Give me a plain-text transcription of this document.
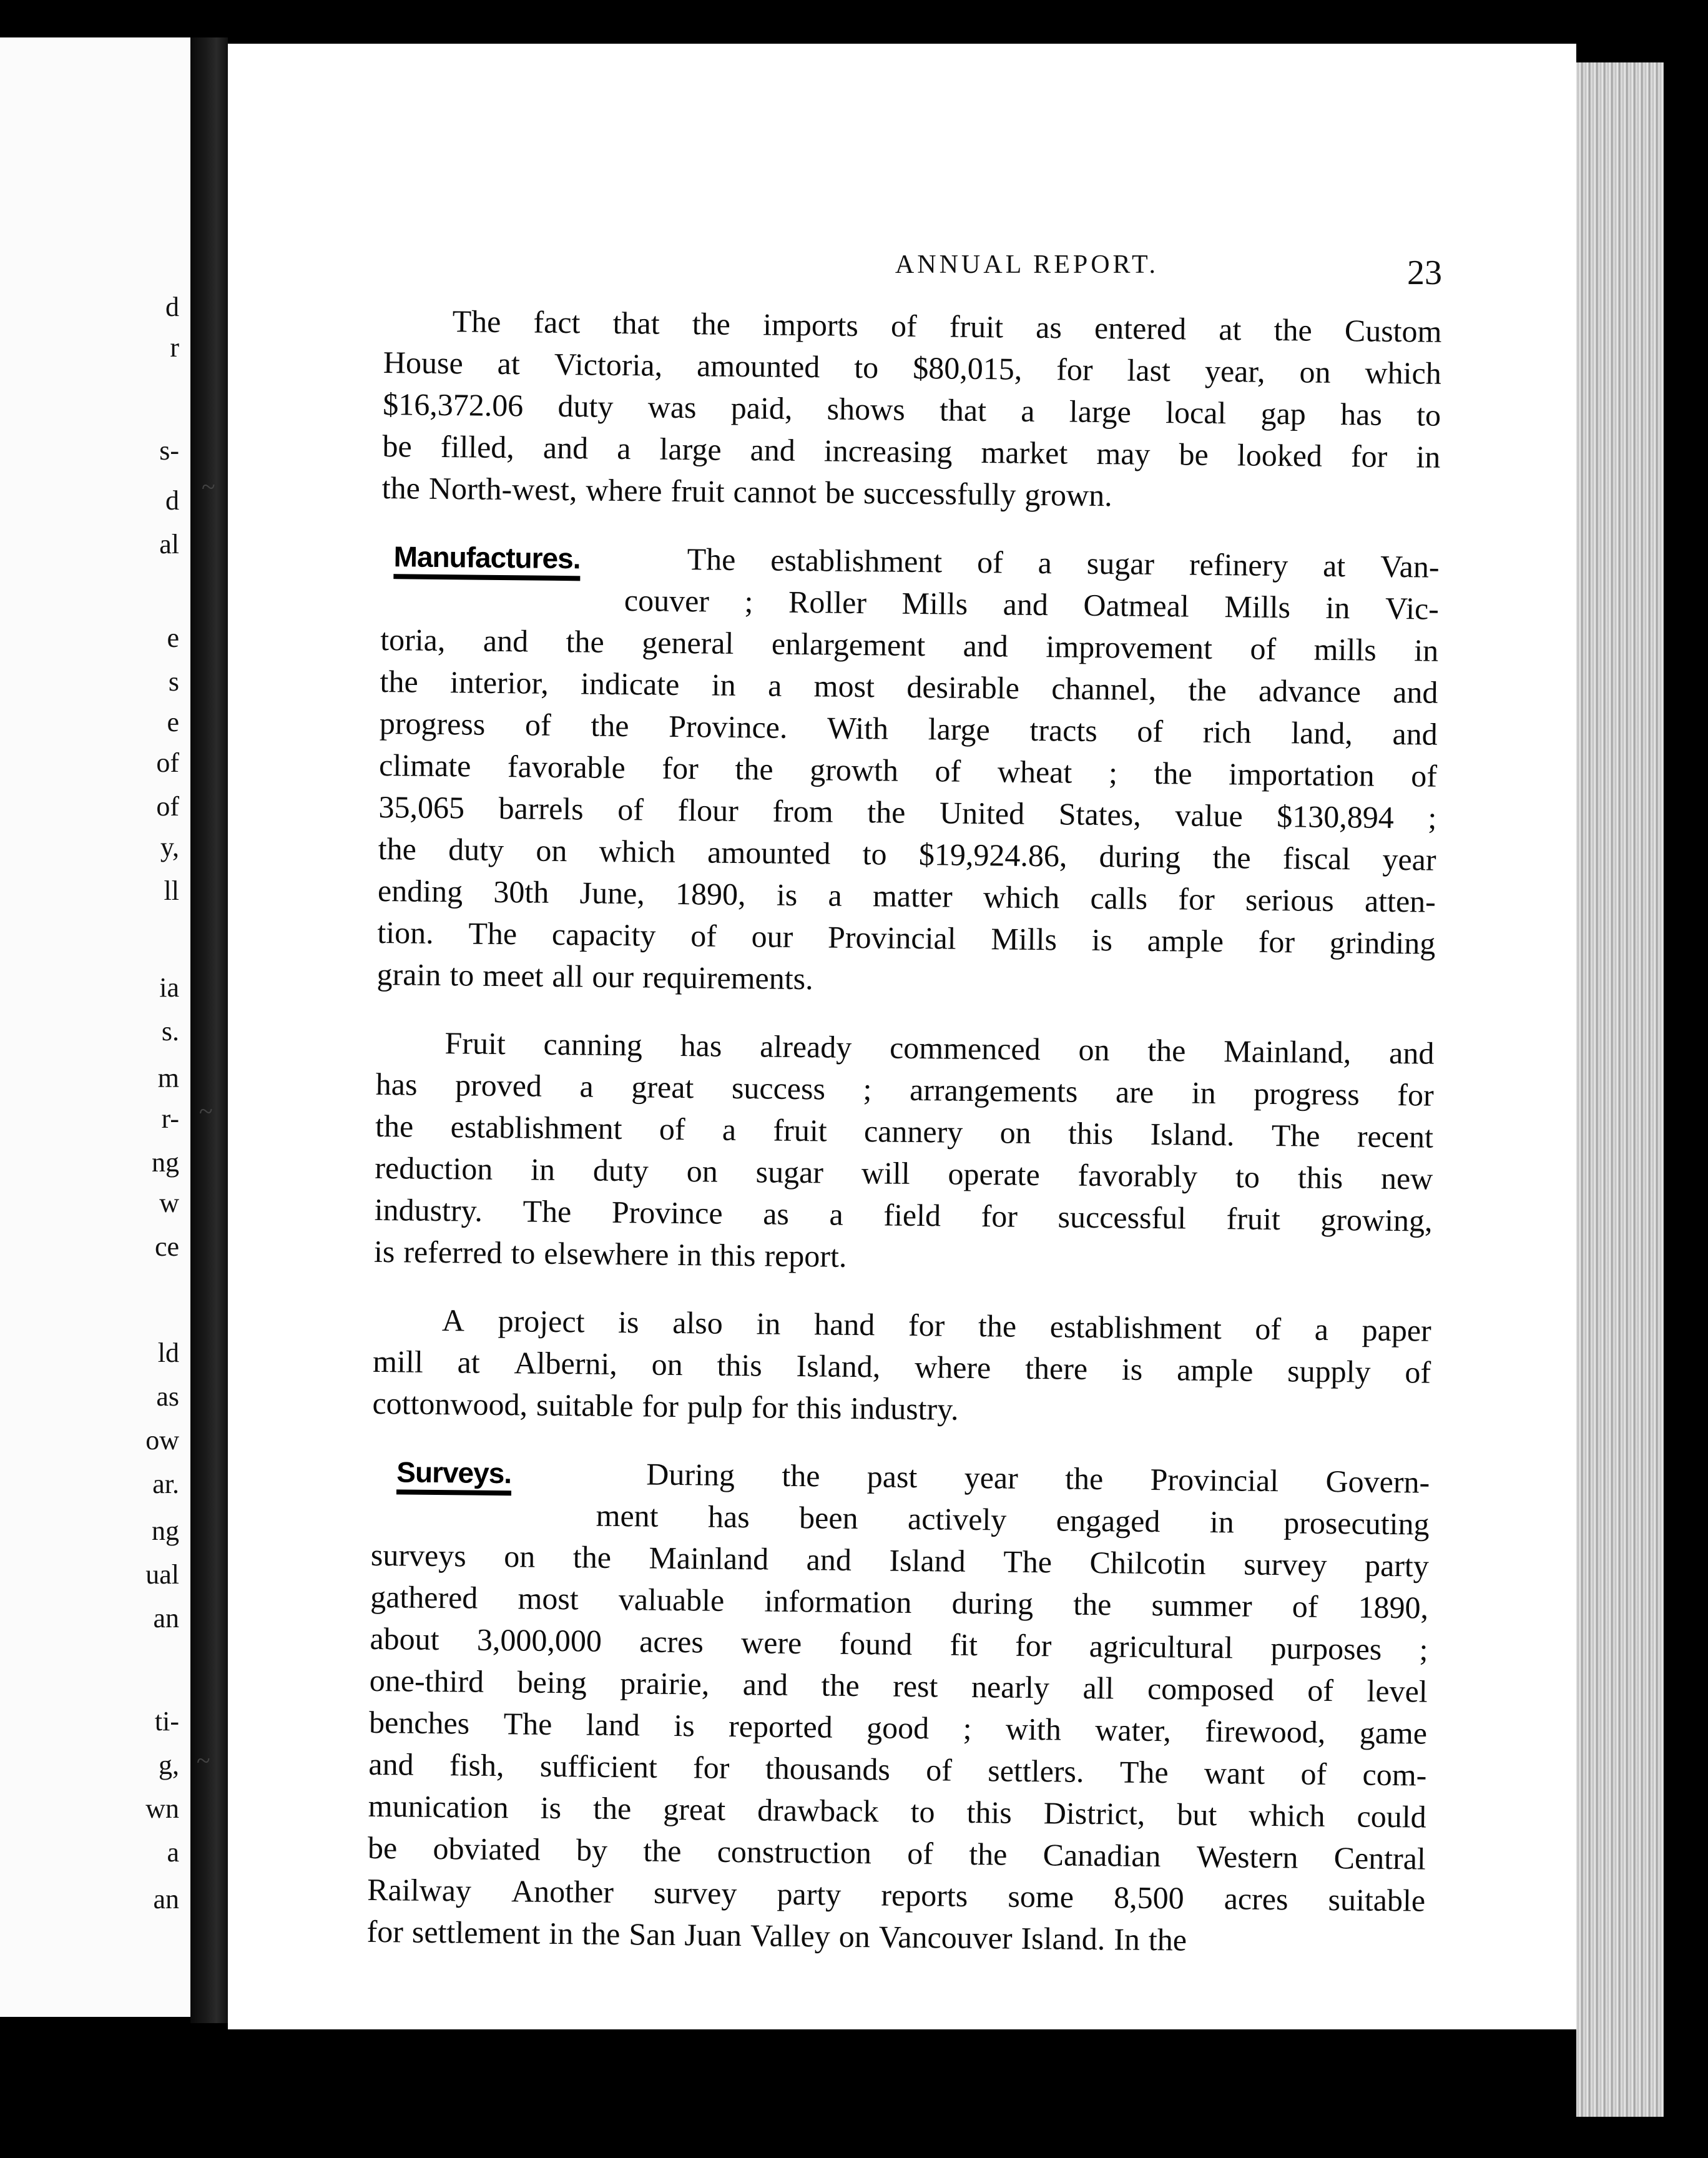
d
r
s-
d
al
e
s
e
of
of
y,
ll
ia
s.
m
r-
ng
w
ce
ld
as
ow
ar.
ng
ual
an
ti-
g,
wn
a
an
~
~
~
ANNUAL REPORT.	23
The fact that the imports of fruit as entered at the Custom
House at Victoria, amounted to $80,015, for last year, on which
$16,372.06 duty was paid, shows that a large local gap has to
be filled, and a large and increasing market may be looked for in
the North-west, where fruit cannot be successfully grown.
Manufactures.	The establishment of a sugar refinery at Van-
couver ; Roller Mills and Oatmeal Mills in Vic-
toria, and the general enlargement and improvement of mills in
the interior, indicate in a most desirable channel, the advance and
progress of the Province. With large tracts of rich land, and
climate favorable for the growth of wheat ; the importation of
35,065 barrels of flour from the United States, value $130,894 ;
the duty on which amounted to $19,924.86, during the fiscal year
ending 30th June, 1890, is a matter which calls for serious atten-
tion. The capacity of our Provincial Mills is ample for grinding
grain to meet all our requirements.
Fruit canning has already commenced on the Mainland, and
has proved a great success ; arrangements are in progress for
the establishment of a fruit cannery on this Island. The recent
reduction in duty on sugar will operate favorably to this new
industry. The Province as a field for successful fruit growing,
is referred to elsewhere in this report.
A project is also in hand for the establishment of a paper
mill at Alberni, on this Island, where there is ample supply of
cottonwood, suitable for pulp for this industry.
Surveys.	During the past year the Provincial Govern-
ment has been actively engaged in prosecuting
surveys on the Mainland and Island The Chilcotin survey party
gathered most valuable information during the summer of 1890,
about 3,000,000 acres were found fit for agricultural purposes ;
one-third being prairie, and the rest nearly all composed of level
benches The land is reported good ; with water, firewood, game
and fish, sufficient for thousands of settlers. The want of com-
munication is the great drawback to this District, but which could
be obviated by the construction of the Canadian Western Central
Railway Another survey party reports some 8,500 acres suitable
for settlement in the San Juan Valley on Vancouver Island. In the
